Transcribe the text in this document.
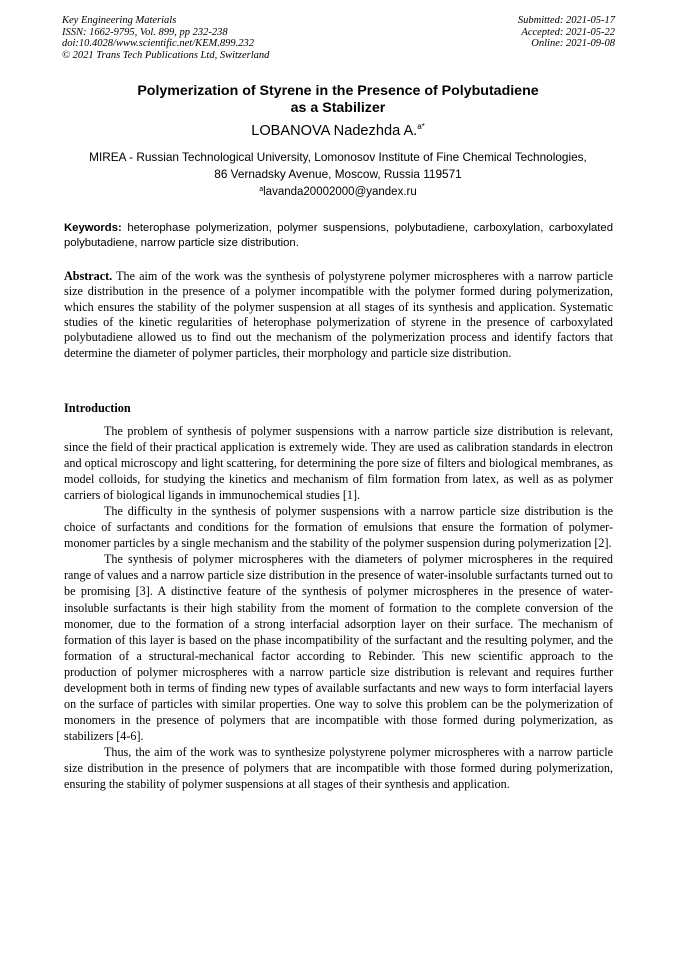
Key Engineering Materials
ISSN: 1662-9795, Vol. 899, pp 232-238
doi:10.4028/www.scientific.net/KEM.899.232
© 2021 Trans Tech Publications Ltd, Switzerland
Submitted: 2021-05-17
Accepted: 2021-05-22
Online: 2021-09-08
Polymerization of Styrene in the Presence of Polybutadiene
as a Stabilizer
LOBANOVA Nadezhda A.$^{a*}$
MIREA - Russian Technological University, Lomonosov Institute of Fine Chemical Technologies,
86 Vernadsky Avenue, Moscow, Russia 119571
$^a$lavanda20002000@yandex.ru
Keywords: heterophase polymerization, polymer suspensions, polybutadiene, carboxylation, carboxylated polybutadiene, narrow particle size distribution.
Abstract. The aim of the work was the synthesis of polystyrene polymer microspheres with a narrow particle size distribution in the presence of a polymer incompatible with the polymer formed during polymerization, which ensures the stability of the polymer suspension at all stages of its synthesis and application. Systematic studies of the kinetic regularities of heterophase polymerization of styrene in the presence of carboxylated polybutadiene allowed us to find out the mechanism of the polymerization process and identify factors that determine the diameter of polymer particles, their morphology and particle size distribution.
Introduction

The problem of synthesis of polymer suspensions with a narrow particle size distribution is relevant, since the field of their practical application is extremely wide. They are used as calibration standards in electron and optical microscopy and light scattering, for determining the pore size of filters and biological membranes, as model colloids, for studying the kinetics and mechanism of film formation from latex, as well as as polymer carriers of biological ligands in immunochemical studies [1].

The difficulty in the synthesis of polymer suspensions with a narrow particle size distribution is the choice of surfactants and conditions for the formation of emulsions that ensure the formation of polymer-monomer particles by a single mechanism and the stability of the polymer suspension during polymerization [2].

The synthesis of polymer microspheres with the diameters of polymer microspheres in the required range of values and a narrow particle size distribution in the presence of water-insoluble surfactants turned out to be promising [3]. A distinctive feature of the synthesis of polymer microspheres in the presence of water-insoluble surfactants is their high stability from the moment of formation to the complete conversion of the monomer, due to the formation of a strong interfacial adsorption layer on their surface. The mechanism of formation of this layer is based on the phase incompatibility of the surfactant and the resulting polymer, and the formation of a structural-mechanical factor according to Rebinder. This new scientific approach to the production of polymer microspheres with a narrow particle size distribution is relevant and requires further development both in terms of finding new types of available surfactants and new ways to form interfacial layers on the surface of particles with similar properties. One way to solve this problem can be the polymerization of monomers in the presence of polymers that are incompatible with those formed during polymerization, as stabilizers [4-6].

Thus, the aim of the work was to synthesize polystyrene polymer microspheres with a narrow particle size distribution in the presence of polymers that are incompatible with those formed during polymerization, ensuring the stability of polymer suspensions at all stages of their synthesis and application.
